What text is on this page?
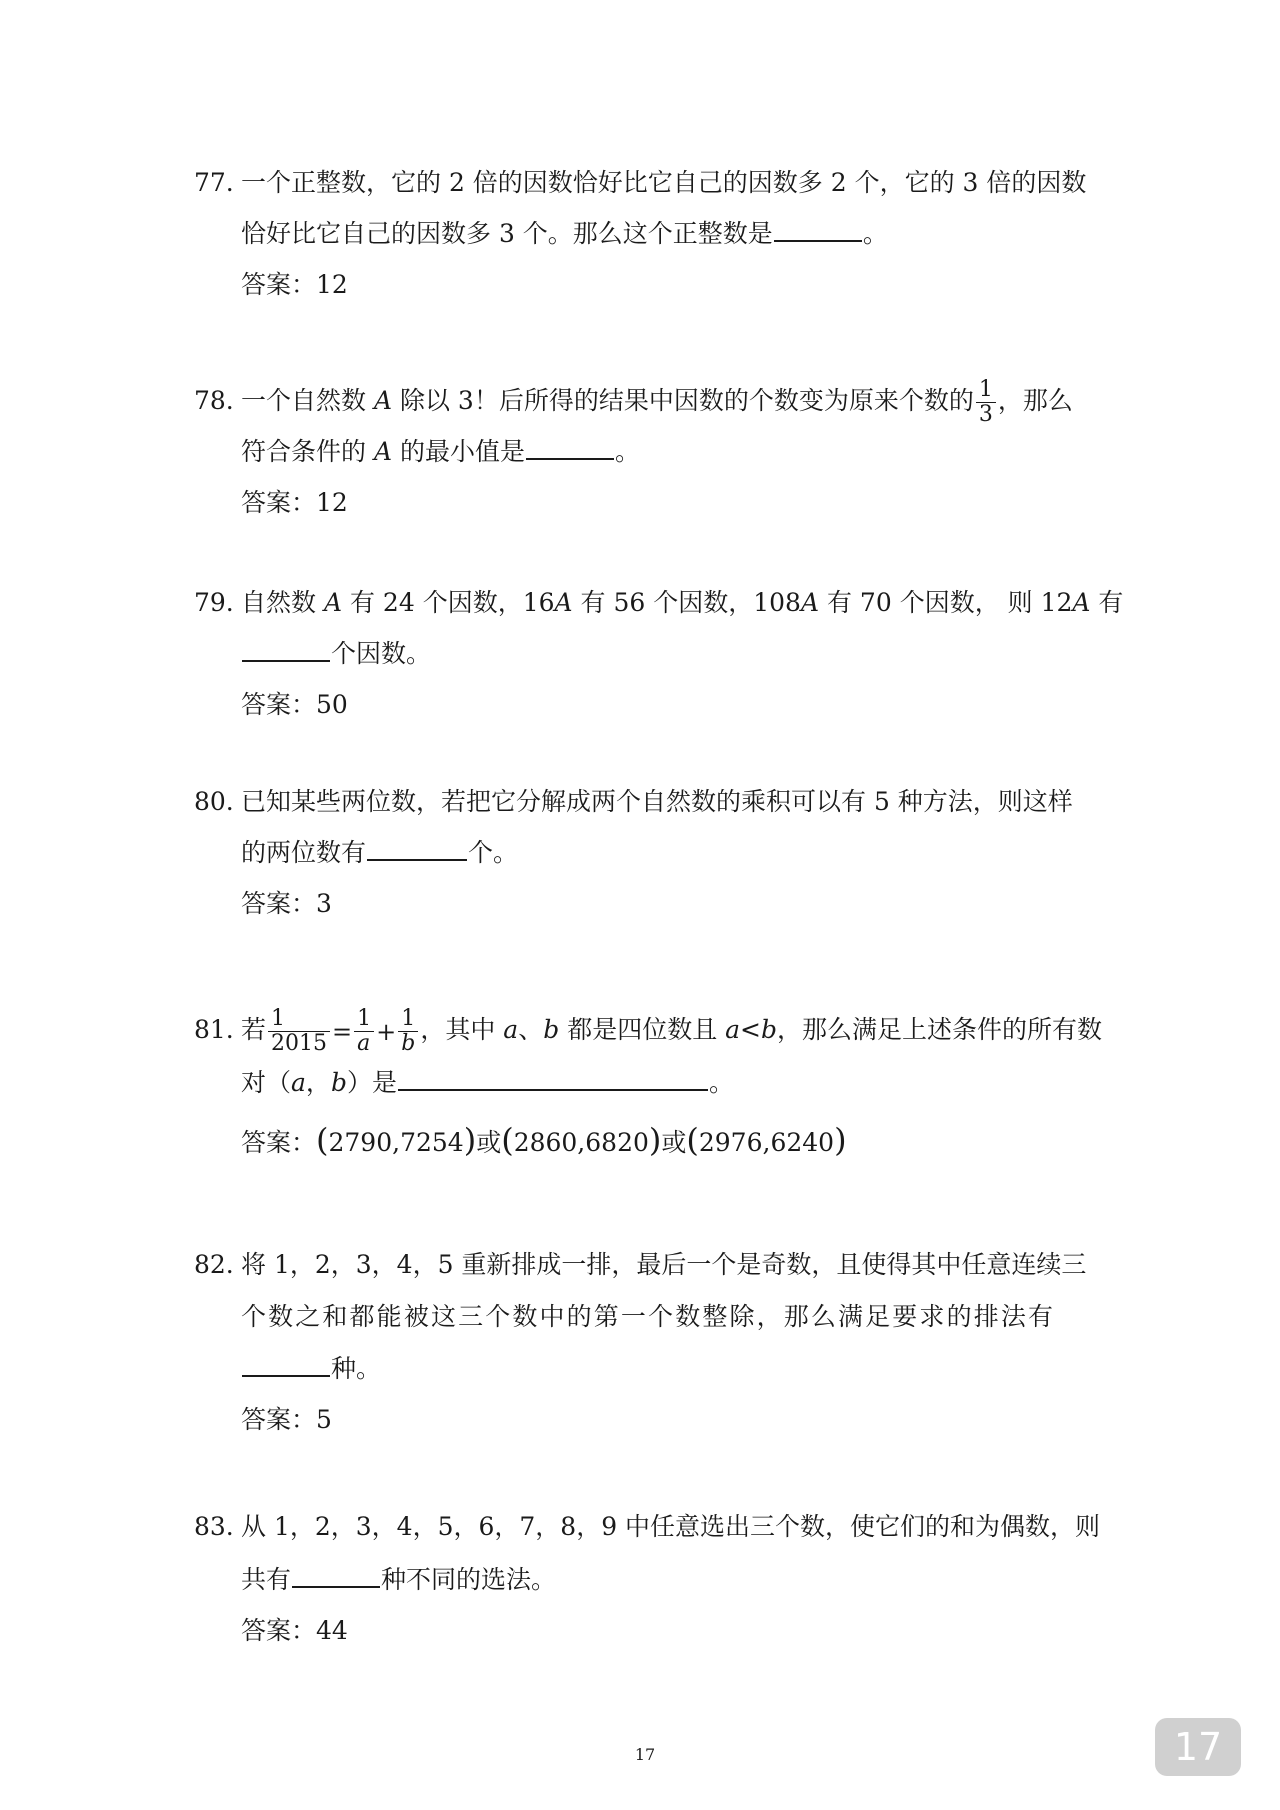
77. 一个正整数，它的 2 倍的因数恰好比它自己的因数多 2 个，它的 3 倍的因数
恰好比它自己的因数多 3 个。那么这个正整数是	。
答案：12
78. 一个自然数 A 除以 3！后所得的结果中因数的个数变为原来个数的 $\frac{1}{3}$ ，那么
符合条件的 A 的最小值是	。
答案：12
79. 自然数 A 有 24 个因数，16A 有 56 个因数，108A 有 70 个因数， 则 12A 有
个因数。
答案：50
80. 已知某些两位数，若把它分解成两个自然数的乘积可以有 5 种方法，则这样
的两位数有	个。
答案：3
81. 若 $\frac{1}{2015} = \frac{1}{a} + \frac{1}{b}$ ，其中 a、b 都是四位数且 a<b，那么满足上述条件的所有数
对（a，b）是	。
答案：(2790,7254)或(2860,6820)或(2976,6240)
82. 将 1，2，3，4，5 重新排成一排，最后一个是奇数，且使得其中任意连续三
个数之和都能被这三个数中的第一个数整除，那么满足要求的排法有
种。
答案：5
83. 从 1，2，3，4，5，6，7，8，9 中任意选出三个数，使它们的和为偶数，则
共有	种不同的选法。
答案：44
17	17
